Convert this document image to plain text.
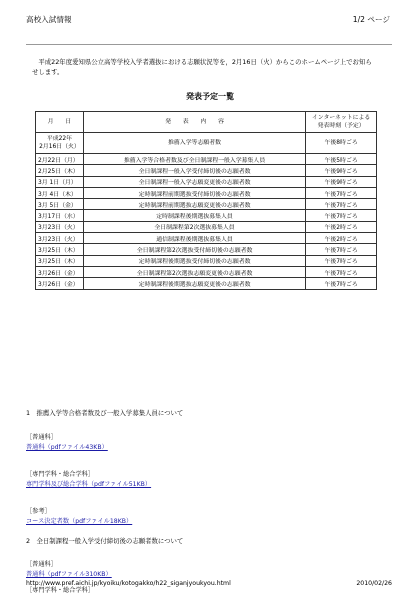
高校入試情報	1/2 ページ

　平成22年度愛知県公立高等学校入学者選抜における志願状況等を，2月16日（火）からこのホームページ上でお知らせします。

発表予定一覧
月　　日	発　　表　　内　　容	インターネットによる
発表時刻（予定）
平成22年
2月16日（火）	推薦入学等志願者数	午後8時ごろ
2月22日（月）	推薦入学等合格者数及び全日制課程一般入学募集人員	午後5時ごろ
2月25日（木）	全日制課程一般入学受付締切後の志願者数	午後9時ごろ
3月 1日（月）	全日制課程一般入学志願変更後の志願者数	午後9時ごろ
3月 4日（木）	定時制課程前期選抜受付締切後の志願者数	午後7時ごろ
3月 5日（金）	定時制課程前期選抜志願変更後の志願者数	午後7時ごろ
3月17日（水）	定時制課程後期選抜募集人員	午後7時ごろ
3月23日（火）	全日制課程第2次選抜募集人員	午後2時ごろ
3月23日（火）	通信制課程後期選抜募集人員	午後2時ごろ
3月25日（木）	全日制課程第2次選抜受付締切後の志願者数	午後7時ごろ
3月25日（木）	定時制課程後期選抜受付締切後の志願者数	午後7時ごろ
3月26日（金）	全日制課程第2次選抜志願変更後の志願者数	午後7時ごろ
3月26日（金）	定時制課程後期選抜志願変更後の志願者数	午後7時ごろ
1　推薦入学等合格者数及び一般入学募集人員について
［普通科］
普通科（pdfファイル43KB）
［専門学科・総合学科］
専門学科及び総合学科（pdfファイル51KB）
［参考］
コース決定者数（pdfファイル18KB）
2　全日制課程一般入学受付締切後の志願者数について
［普通科］
普通科（pdfファイル310KB）
［専門学科・総合学科］
http://www.pref.aichi.jp/kyoiku/kotogakko/h22_siganjyoukyou.html	2010/02/26
